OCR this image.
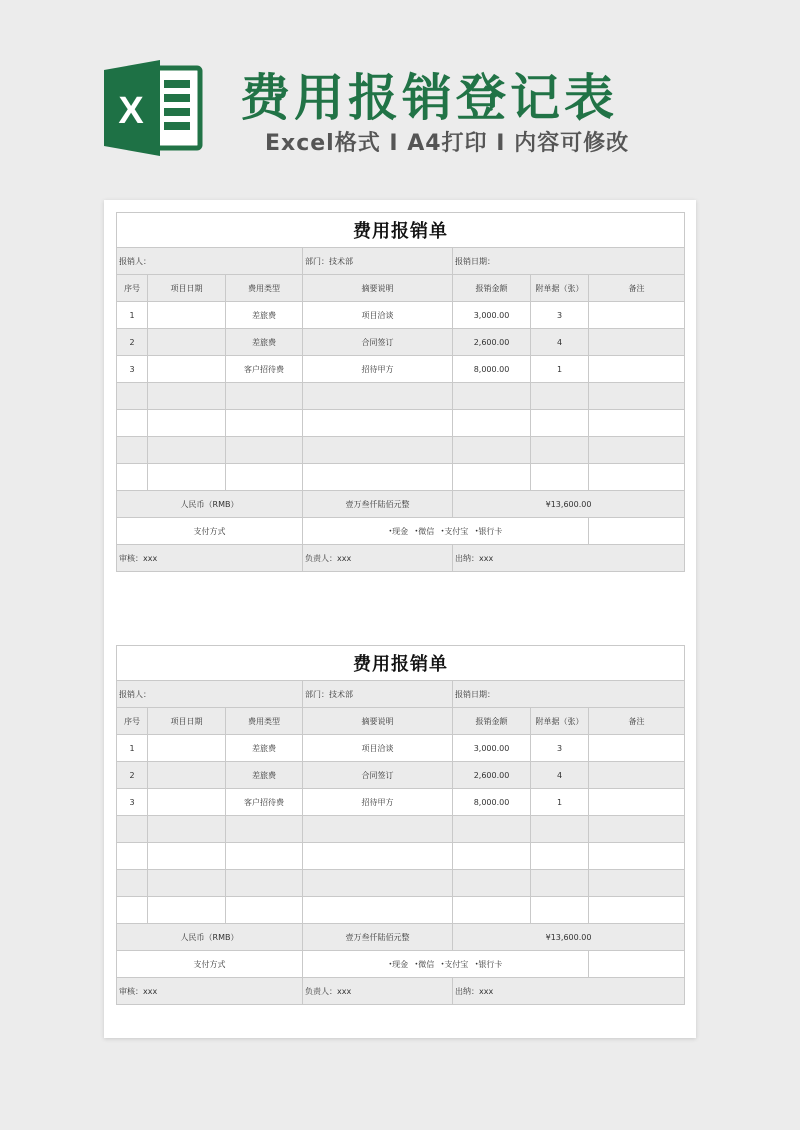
X 费用报销登记表
Excel格式 I A4打印 I 内容可修改
费用报销单						
报销人：			部门：技术部	报销日期：		
序号	项目日期	费用类型	摘要说明	报销金额	附单据（张）	备注
1		差旅费	项目洽谈	3,000.00	3	
2		差旅费	合同签订	2,600.00	4	
3		客户招待费	招待甲方	8,000.00	1	

人民币（RMB）			壹万叁仟陆佰元整	¥13,600.00		
支付方式			•现金 •微信 •支付宝 •银行卡			
审核：xxx			负责人：xxx	出纳：xxx		
费用报销单						
报销人：			部门：技术部	报销日期：		
序号	项目日期	费用类型	摘要说明	报销金额	附单据（张）	备注
1		差旅费	项目洽谈	3,000.00	3	
2		差旅费	合同签订	2,600.00	4	
3		客户招待费	招待甲方	8,000.00	1	

人民币（RMB）			壹万叁仟陆佰元整	¥13,600.00		
支付方式			•现金 •微信 •支付宝 •银行卡			
审核：xxx			负责人：xxx	出纳：xxx		
